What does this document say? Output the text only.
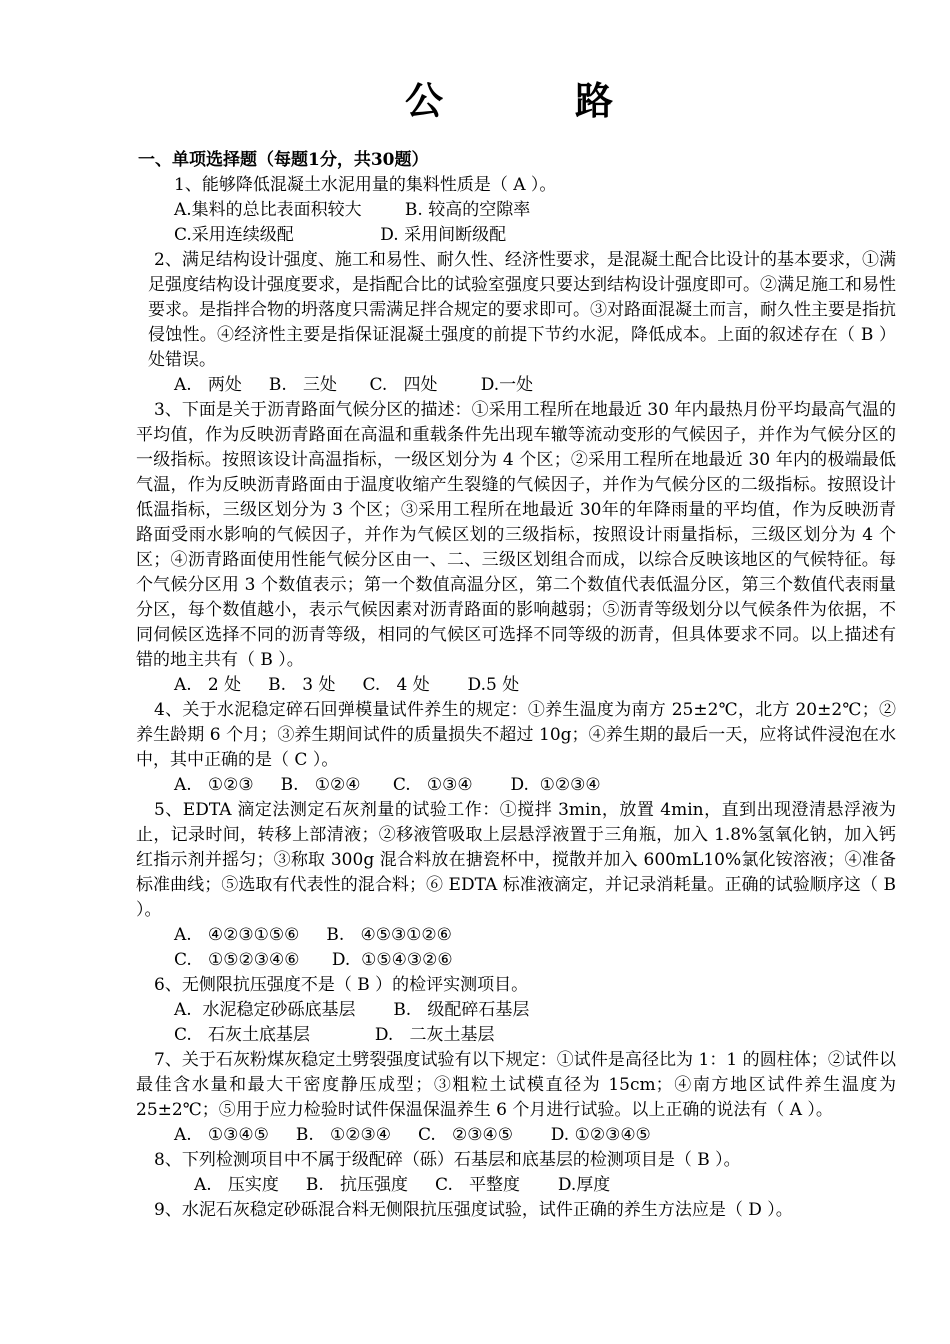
公	路
一、单项选择题（每题1分，共30题）
1、能够降低混凝土水泥用量的集料性质是（ A ）。
A.集料的总比表面积较大        B. 较高的空隙率
C.采用连续级配                D. 采用间断级配
2、满足结构设计强度、施工和易性、耐久性、经济性要求，是混凝土配合比设计的基本要求，①满足强度结构设计强度要求，是指配合比的试验室强度只要达到结构设计强度即可。②满足施工和易性要求。是指拌合物的坍落度只需满足拌合规定的要求即可。③对路面混凝土而言，耐久性主要是指抗侵蚀性。④经济性主要是指保证混凝土强度的前提下节约水泥，降低成本。上面的叙述存在（ B ）处错误。
A.   两处     B.   三处      C.   四处        D.一处
3、下面是关于沥青路面气候分区的描述：①采用工程所在地最近 30 年内最热月份平均最高气温的平均值，作为反映沥青路面在高温和重载条件先出现车辙等流动变形的气候因子，并作为气候分区的一级指标。按照该设计高温指标，一级区划分为 4 个区；②采用工程所在地最近 30 年内的极端最低气温，作为反映沥青路面由于温度收缩产生裂缝的气候因子，并作为气候分区的二级指标。按照设计低温指标，三级区划分为 3 个区；③采用工程所在地最近 30年的年降雨量的平均值，作为反映沥青路面受雨水影响的气候因子，并作为气候区划的三级指标，按照设计雨量指标，三级区划分为 4 个区；④沥青路面使用性能气候分区由一、二、三级区划组合而成，以综合反映该地区的气候特征。每个气候分区用 3 个数值表示；第一个数值高温分区，第二个数值代表低温分区，第三个数值代表雨量分区，每个数值越小，表示气候因素对沥青路面的影响越弱；⑤沥青等级划分以气候条件为依据，不同伺候区选择不同的沥青等级，相同的气候区可选择不同等级的沥青，但具体要求不同。以上描述有错的地主共有（ B ）。
A.   2 处     B.   3 处     C.   4 处       D.5 处
4、关于水泥稳定碎石回弹模量试件养生的规定：①养生温度为南方 25±2℃，北方 20±2℃；②养生龄期 6 个月；③养生期间试件的质量损失不超过 10g；④养生期的最后一天，应将试件浸泡在水中，其中正确的是（ C ）。
A.   ①②③     B.   ①②④      C.   ①③④       D.  ①②③④
5、EDTA 滴定法测定石灰剂量的试验工作：①搅拌 3min，放置 4min，直到出现澄清悬浮液为止，记录时间，转移上部清液；②移液管吸取上层悬浮液置于三角瓶，加入 1.8%氢氧化钠，加入钙红指示剂并摇匀；③称取 300g 混合料放在搪瓷杯中，搅散并加入 600mL10%氯化铵溶液；④准备标准曲线；⑤选取有代表性的混合料；⑥ EDTA 标准液滴定，并记录消耗量。正确的试验顺序这（ B ）。
A.   ④②③①⑤⑥     B.   ④⑤③①②⑥
C.   ①⑤②③④⑥      D.  ①⑤④③②⑥
6、无侧限抗压强度不是（ B ）的检评实测项目。
A.  水泥稳定砂砾底基层       B.   级配碎石基层
C.   石灰土底基层            D.   二灰土基层
7、关于石灰粉煤灰稳定土劈裂强度试验有以下规定：①试件是高径比为 1：1 的圆柱体；②试件以最佳含水量和最大干密度静压成型；③粗粒土试模直径为 15cm；④南方地区试件养生温度为 25±2℃；⑤用于应力检验时试件保温保温养生 6 个月进行试验。以上正确的说法有（ A ）。
A.   ①③④⑤     B.   ①②③④     C.   ②③④⑤       D. ①②③④⑤
8、下列检测项目中不属于级配碎（砾）石基层和底基层的检测项目是（ B ）。
A.   压实度     B.   抗压强度     C.   平整度       D.厚度
9、水泥石灰稳定砂砾混合料无侧限抗压强度试验，试件正确的养生方法应是（ D ）。
